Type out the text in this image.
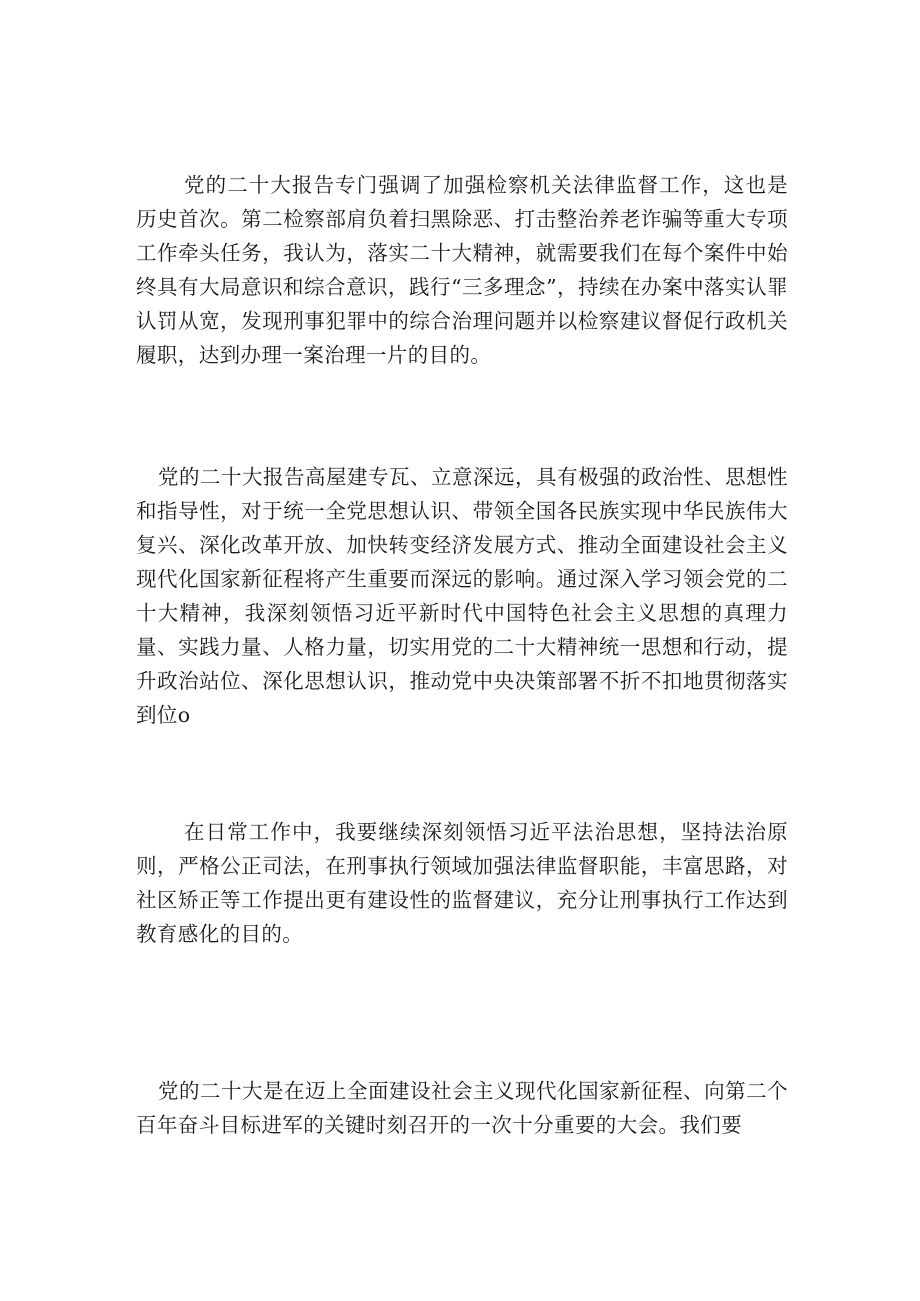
党的二十大报告专门强调了加强检察机关法律监督工作，这也是历史首次。第二检察部肩负着扫黑除恶、打击整治养老诈骗等重大专项工作牵头任务，我认为，落实二十大精神，就需要我们在每个案件中始终具有大局意识和综合意识，践行“三多理念”，持续在办案中落实认罪认罚从宽，发现刑事犯罪中的综合治理问题并以检察建议督促行政机关履职，达到办理一案治理一片的目的。

党的二十大报告高屋建专瓦、立意深远，具有极强的政治性、思想性和指导性，对于统一全党思想认识、带领全国各民族实现中华民族伟大复兴、深化改革开放、加快转变经济发展方式、推动全面建设社会主义现代化国家新征程将产生重要而深远的影响。通过深入学习领会党的二十大精神，我深刻领悟习近平新时代中国特色社会主义思想的真理力量、实践力量、人格力量，切实用党的二十大精神统一思想和行动，提升政治站位、深化思想认识，推动党中央决策部署不折不扣地贯彻落实到位o

在日常工作中，我要继续深刻领悟习近平法治思想，坚持法治原则，严格公正司法，在刑事执行领域加强法律监督职能，丰富思路，对社区矫正等工作提出更有建设性的监督建议，充分让刑事执行工作达到教育感化的目的。

党的二十大是在迈上全面建设社会主义现代化国家新征程、向第二个百年奋斗目标进军的关键时刻召开的一次十分重要的大会。我们要
